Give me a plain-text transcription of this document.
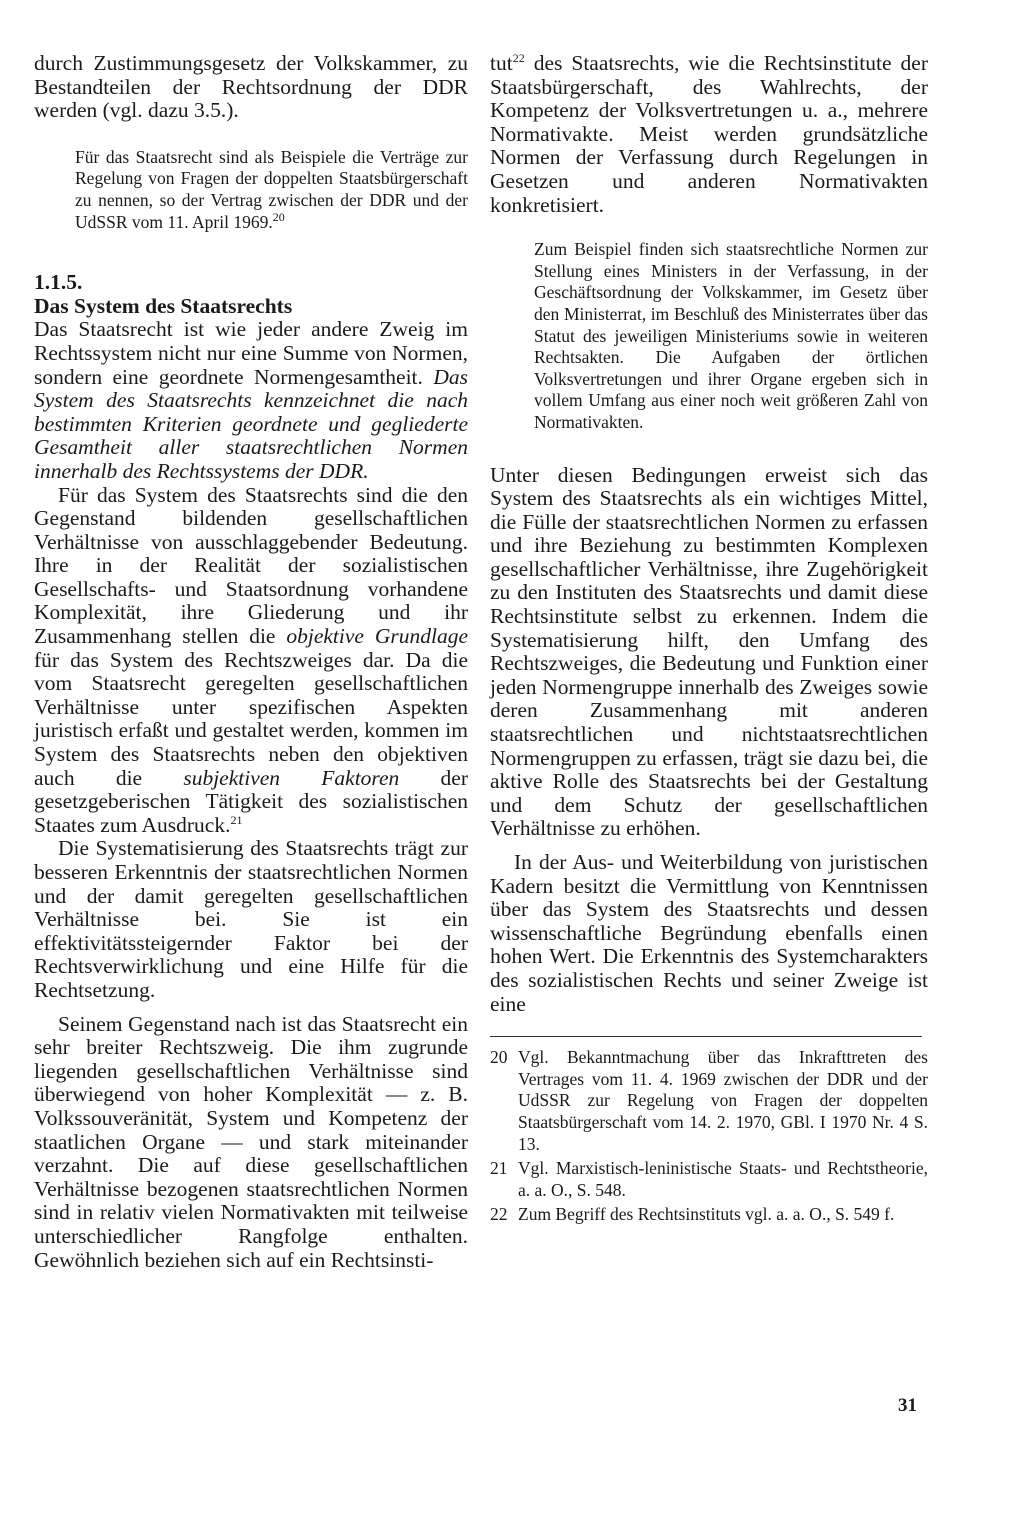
durch Zustimmungsgesetz der Volkskammer, zu Bestandteilen der Rechtsordnung der DDR werden (vgl. dazu 3.5.).

Für das Staatsrecht sind als Beispiele die Verträge zur Regelung von Fragen der doppelten Staatsbürgerschaft zu nennen, so der Vertrag zwischen der DDR und der UdSSR vom 11. April 1969.20

1.1.5.
Das System des Staatsrechts

Das Staatsrecht ist wie jeder andere Zweig im Rechtssystem nicht nur eine Summe von Normen, sondern eine geordnete Normengesamtheit. Das System des Staatsrechts kennzeichnet die nach bestimmten Kriterien geordnete und gegliederte Gesamtheit aller staatsrechtlichen Normen innerhalb des Rechtssystems der DDR.

Für das System des Staatsrechts sind die den Gegenstand bildenden gesellschaftlichen Verhältnisse von ausschlaggebender Bedeutung. Ihre in der Realität der sozialistischen Gesellschafts- und Staatsordnung vorhandene Komplexität, ihre Gliederung und ihr Zusammenhang stellen die objektive Grundlage für das System des Rechtszweiges dar. Da die vom Staatsrecht geregelten gesellschaftlichen Verhältnisse unter spezifischen Aspekten juristisch erfaßt und gestaltet werden, kommen im System des Staatsrechts neben den objektiven auch die subjektiven Faktoren der gesetzgeberischen Tätigkeit des sozialistischen Staates zum Ausdruck.$^{21}$

Die Systematisierung des Staatsrechts trägt zur besseren Erkenntnis der staatsrechtlichen Normen und der damit geregelten gesellschaftlichen Verhältnisse bei. Sie ist ein effektivitätssteigernder Faktor bei der Rechtsverwirklichung und eine Hilfe für die Rechtsetzung.

Seinem Gegenstand nach ist das Staatsrecht ein sehr breiter Rechtszweig. Die ihm zugrunde liegenden gesellschaftlichen Verhältnisse sind überwiegend von hoher Komplexität — z. B. Volkssouveränität, System und Kompetenz der staatlichen Organe — und stark miteinander verzahnt. Die auf diese gesellschaftlichen Verhältnisse bezogenen staatsrechtlichen Normen sind in relativ vielen Normativakten mit teilweise unterschiedlicher Rangfolge enthalten. Gewöhnlich beziehen sich auf ein Rechtsinsti-

tut$^{22}$ des Staatsrechts, wie die Rechtsinstitute der Staatsbürgerschaft, des Wahlrechts, der Kompetenz der Volksvertretungen u. a., mehrere Normativakte. Meist werden grundsätzliche Normen der Verfassung durch Regelungen in Gesetzen und anderen Normativakten konkretisiert.

Zum Beispiel finden sich staatsrechtliche Normen zur Stellung eines Ministers in der Verfassung, in der Geschäftsordnung der Volkskammer, im Gesetz über den Ministerrat, im Beschluß des Ministerrates über das Statut des jeweiligen Ministeriums sowie in weiteren Rechtsakten. Die Aufgaben der örtlichen Volksvertretungen und ihrer Organe ergeben sich in vollem Umfang aus einer noch weit größeren Zahl von Normativakten.

Unter diesen Bedingungen erweist sich das System des Staatsrechts als ein wichtiges Mittel, die Fülle der staatsrechtlichen Normen zu erfassen und ihre Beziehung zu bestimmten Komplexen gesellschaftlicher Verhältnisse, ihre Zugehörigkeit zu den Instituten des Staatsrechts und damit diese Rechtsinstitute selbst zu erkennen. Indem die Systematisierung hilft, den Umfang des Rechtszweiges, die Bedeutung und Funktion einer jeden Normengruppe innerhalb des Zweiges sowie deren Zusammenhang mit anderen staatsrechtlichen und nichtstaatsrechtlichen Normengruppen zu erfassen, trägt sie dazu bei, die aktive Rolle des Staatsrechts bei der Gestaltung und dem Schutz der gesellschaftlichen Verhältnisse zu erhöhen.

In der Aus- und Weiterbildung von juristischen Kadern besitzt die Vermittlung von Kenntnissen über das System des Staatsrechts und dessen wissenschaftliche Begründung ebenfalls einen hohen Wert. Die Erkenntnis des Systemcharakters des sozialistischen Rechts und seiner Zweige ist eine

20 Vgl. Bekanntmachung über das Inkrafttreten des Vertrages vom 11. 4. 1969 zwischen der DDR und der UdSSR zur Regelung von Fragen der doppelten Staatsbürgerschaft vom 14. 2. 1970, GBl. I 1970 Nr. 4 S. 13.
21 Vgl. Marxistisch-leninistische Staats- und Rechtstheorie, a. a. O., S. 548.
22 Zum Begriff des Rechtsinstituts vgl. a. a. O., S. 549 f.
31
